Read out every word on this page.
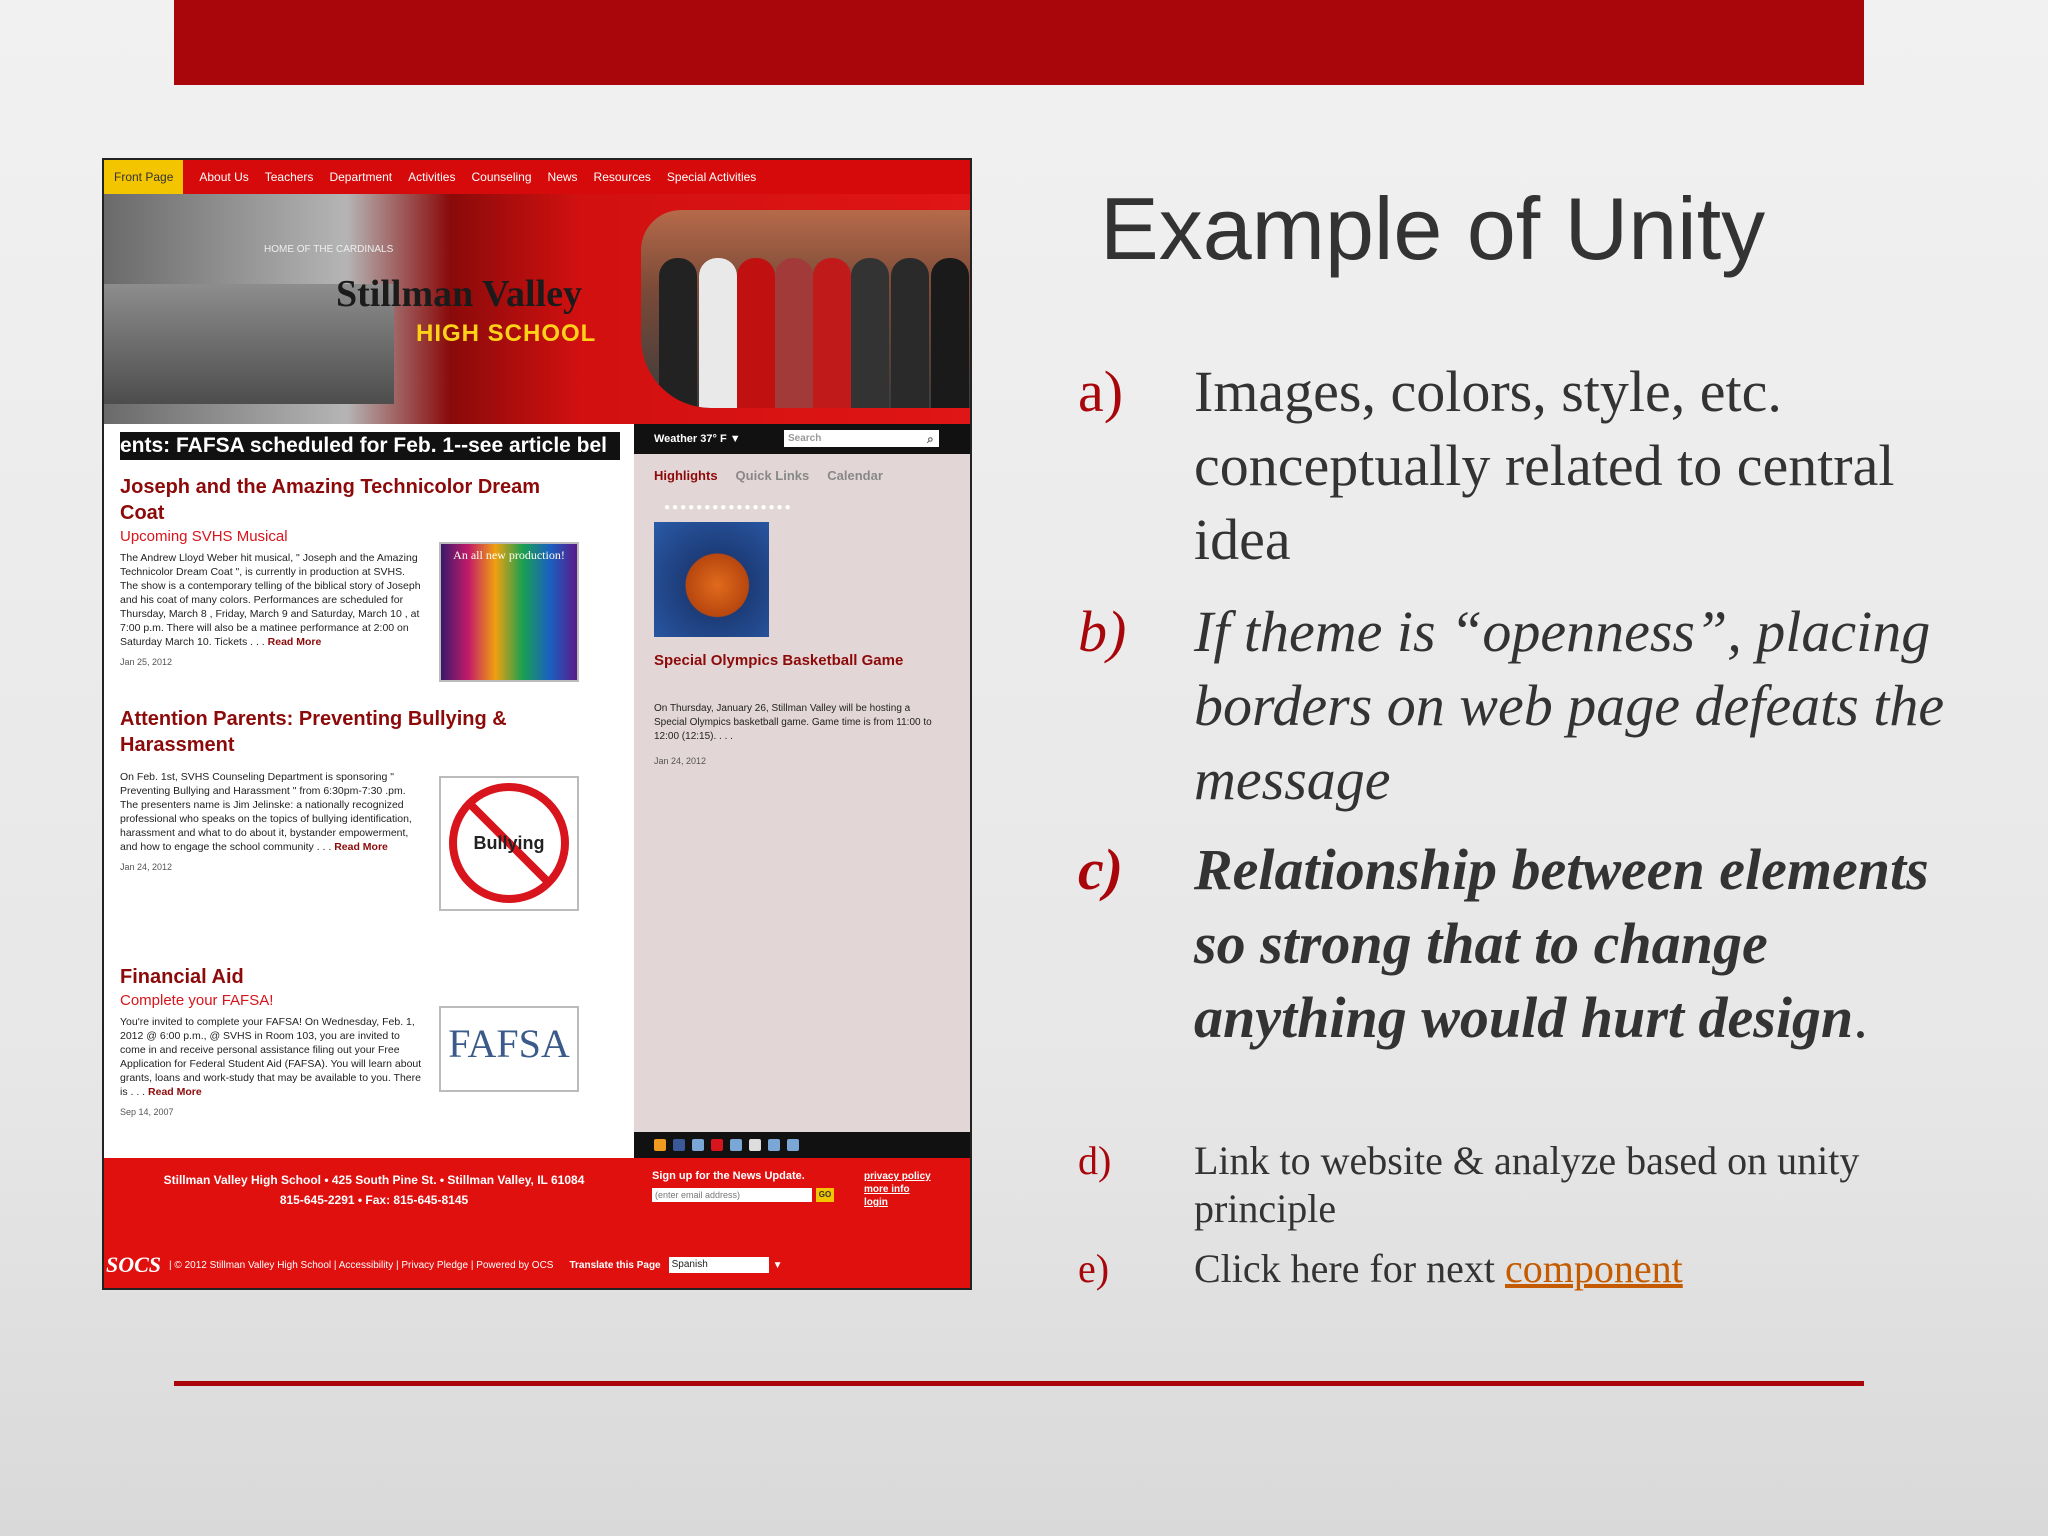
Front Page	About Us Teachers Department Activities Counseling News Resources Special Activities
HOME OF THE CARDINALS
Stillman Valley
HIGH SCHOOL
ents: FAFSA scheduled for Feb. 1--see article bel
Joseph and the Amazing Technicolor Dream Coat
Upcoming SVHS Musical
The Andrew Lloyd Weber hit musical, " Joseph and the Amazing Technicolor Dream Coat ", is currently in production at SVHS. The show is a contemporary telling of the biblical story of Joseph and his coat of many colors. Performances are scheduled for Thursday, March 8 , Friday, March 9 and Saturday, March 10 , at 7:00 p.m. There will also be a matinee performance at 2:00 on Saturday March 10. Tickets . . . Read More
Jan 25, 2012
An all new production!
Attention Parents: Preventing Bullying & Harassment
On Feb. 1st, SVHS Counseling Department is sponsoring " Preventing Bullying and Harassment " from 6:30pm-7:30 .pm. The presenters name is Jim Jelinske: a nationally recognized professional who speaks on the topics of bullying identification, harassment and what to do about it, bystander empowerment, and how to engage the school community . . . Read More
Jan 24, 2012
Bullying
Financial Aid
Complete your FAFSA!
You're invited to complete your FAFSA! On Wednesday, Feb. 1, 2012 @ 6:00 p.m., @ SVHS in Room 103, you are invited to come in and receive personal assistance filing out your Free Application for Federal Student Aid (FAFSA). You will learn about grants, loans and work-study that may be available to you. There is . . . Read More
Sep 14, 2007
FAFSA
Weather 37° F ▼	Search	⌕
Highlights Quick Links Calendar
●●●●●●●●●●●●●●●●
Special Olympics Basketball Game
On Thursday, January 26, Stillman Valley will be hosting a Special Olympics basketball game. Game time is from 11:00 to 12:00 (12:15). . . .
Jan 24, 2012
Stillman Valley High School • 425 South Pine St. • Stillman Valley, IL 61084
815-645-2291 • Fax: 815-645-8145
Sign up for the News Update.
(enter email address)	GO
privacy policy
more info
login
SOCS | © 2012 Stillman Valley High School | Accessibility | Privacy Pledge | Powered by OCS Translate this Page	Spanish	▼
Example of Unity
a) Images, colors, style, etc. conceptually related to central idea
b) If theme is “openness”, placing borders on web page defeats the message
c) Relationship between elements so strong that to change anything would hurt design.
d) Link to website & analyze based on unity principle
e) Click here for next component
